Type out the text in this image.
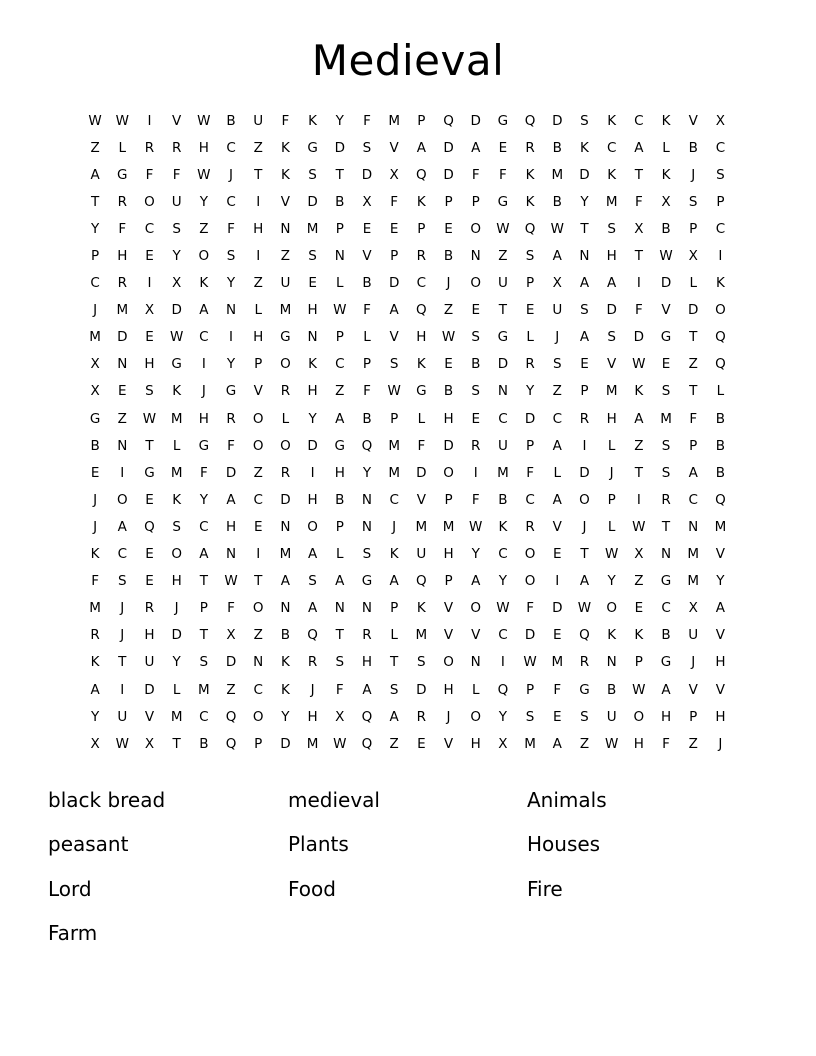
Medieval
W	W	I	V	W	B	U	F	K	Y	F	M	P	Q	D	G	Q	D	S	K	C	K	V	X
Z	L	R	R	H	C	Z	K	G	D	S	V	A	D	A	E	R	B	K	C	A	L	B	C
A	G	F	F	W	J	T	K	S	T	D	X	Q	D	F	F	K	M	D	K	T	K	J	S
T	R	O	U	Y	C	I	V	D	B	X	F	K	P	P	G	K	B	Y	M	F	X	S	P
Y	F	C	S	Z	F	H	N	M	P	E	E	P	E	O	W	Q	W	T	S	X	B	P	C
P	H	E	Y	O	S	I	Z	S	N	V	P	R	B	N	Z	S	A	N	H	T	W	X	I
C	R	I	X	K	Y	Z	U	E	L	B	D	C	J	O	U	P	X	A	A	I	D	L	K
J	M	X	D	A	N	L	M	H	W	F	A	Q	Z	E	T	E	U	S	D	F	V	D	O
M	D	E	W	C	I	H	G	N	P	L	V	H	W	S	G	L	J	A	S	D	G	T	Q
X	N	H	G	I	Y	P	O	K	C	P	S	K	E	B	D	R	S	E	V	W	E	Z	Q
X	E	S	K	J	G	V	R	H	Z	F	W	G	B	S	N	Y	Z	P	M	K	S	T	L
G	Z	W	M	H	R	O	L	Y	A	B	P	L	H	E	C	D	C	R	H	A	M	F	B
B	N	T	L	G	F	O	O	D	G	Q	M	F	D	R	U	P	A	I	L	Z	S	P	B
E	I	G	M	F	D	Z	R	I	H	Y	M	D	O	I	M	F	L	D	J	T	S	A	B
J	O	E	K	Y	A	C	D	H	B	N	C	V	P	F	B	C	A	O	P	I	R	C	Q
J	A	Q	S	C	H	E	N	O	P	N	J	M	M	W	K	R	V	J	L	W	T	N	M
K	C	E	O	A	N	I	M	A	L	S	K	U	H	Y	C	O	E	T	W	X	N	M	V
F	S	E	H	T	W	T	A	S	A	G	A	Q	P	A	Y	O	I	A	Y	Z	G	M	Y
M	J	R	J	P	F	O	N	A	N	N	P	K	V	O	W	F	D	W	O	E	C	X	A
R	J	H	D	T	X	Z	B	Q	T	R	L	M	V	V	C	D	E	Q	K	K	B	U	V
K	T	U	Y	S	D	N	K	R	S	H	T	S	O	N	I	W	M	R	N	P	G	J	H
A	I	D	L	M	Z	C	K	J	F	A	S	D	H	L	Q	P	F	G	B	W	A	V	V
Y	U	V	M	C	Q	O	Y	H	X	Q	A	R	J	O	Y	S	E	S	U	O	H	P	H
X	W	X	T	B	Q	P	D	M	W	Q	Z	E	V	H	X	M	A	Z	W	H	F	Z	J
black bread
peasant
Lord
Farm
medieval
Plants
Food
Animals
Houses
Fire
